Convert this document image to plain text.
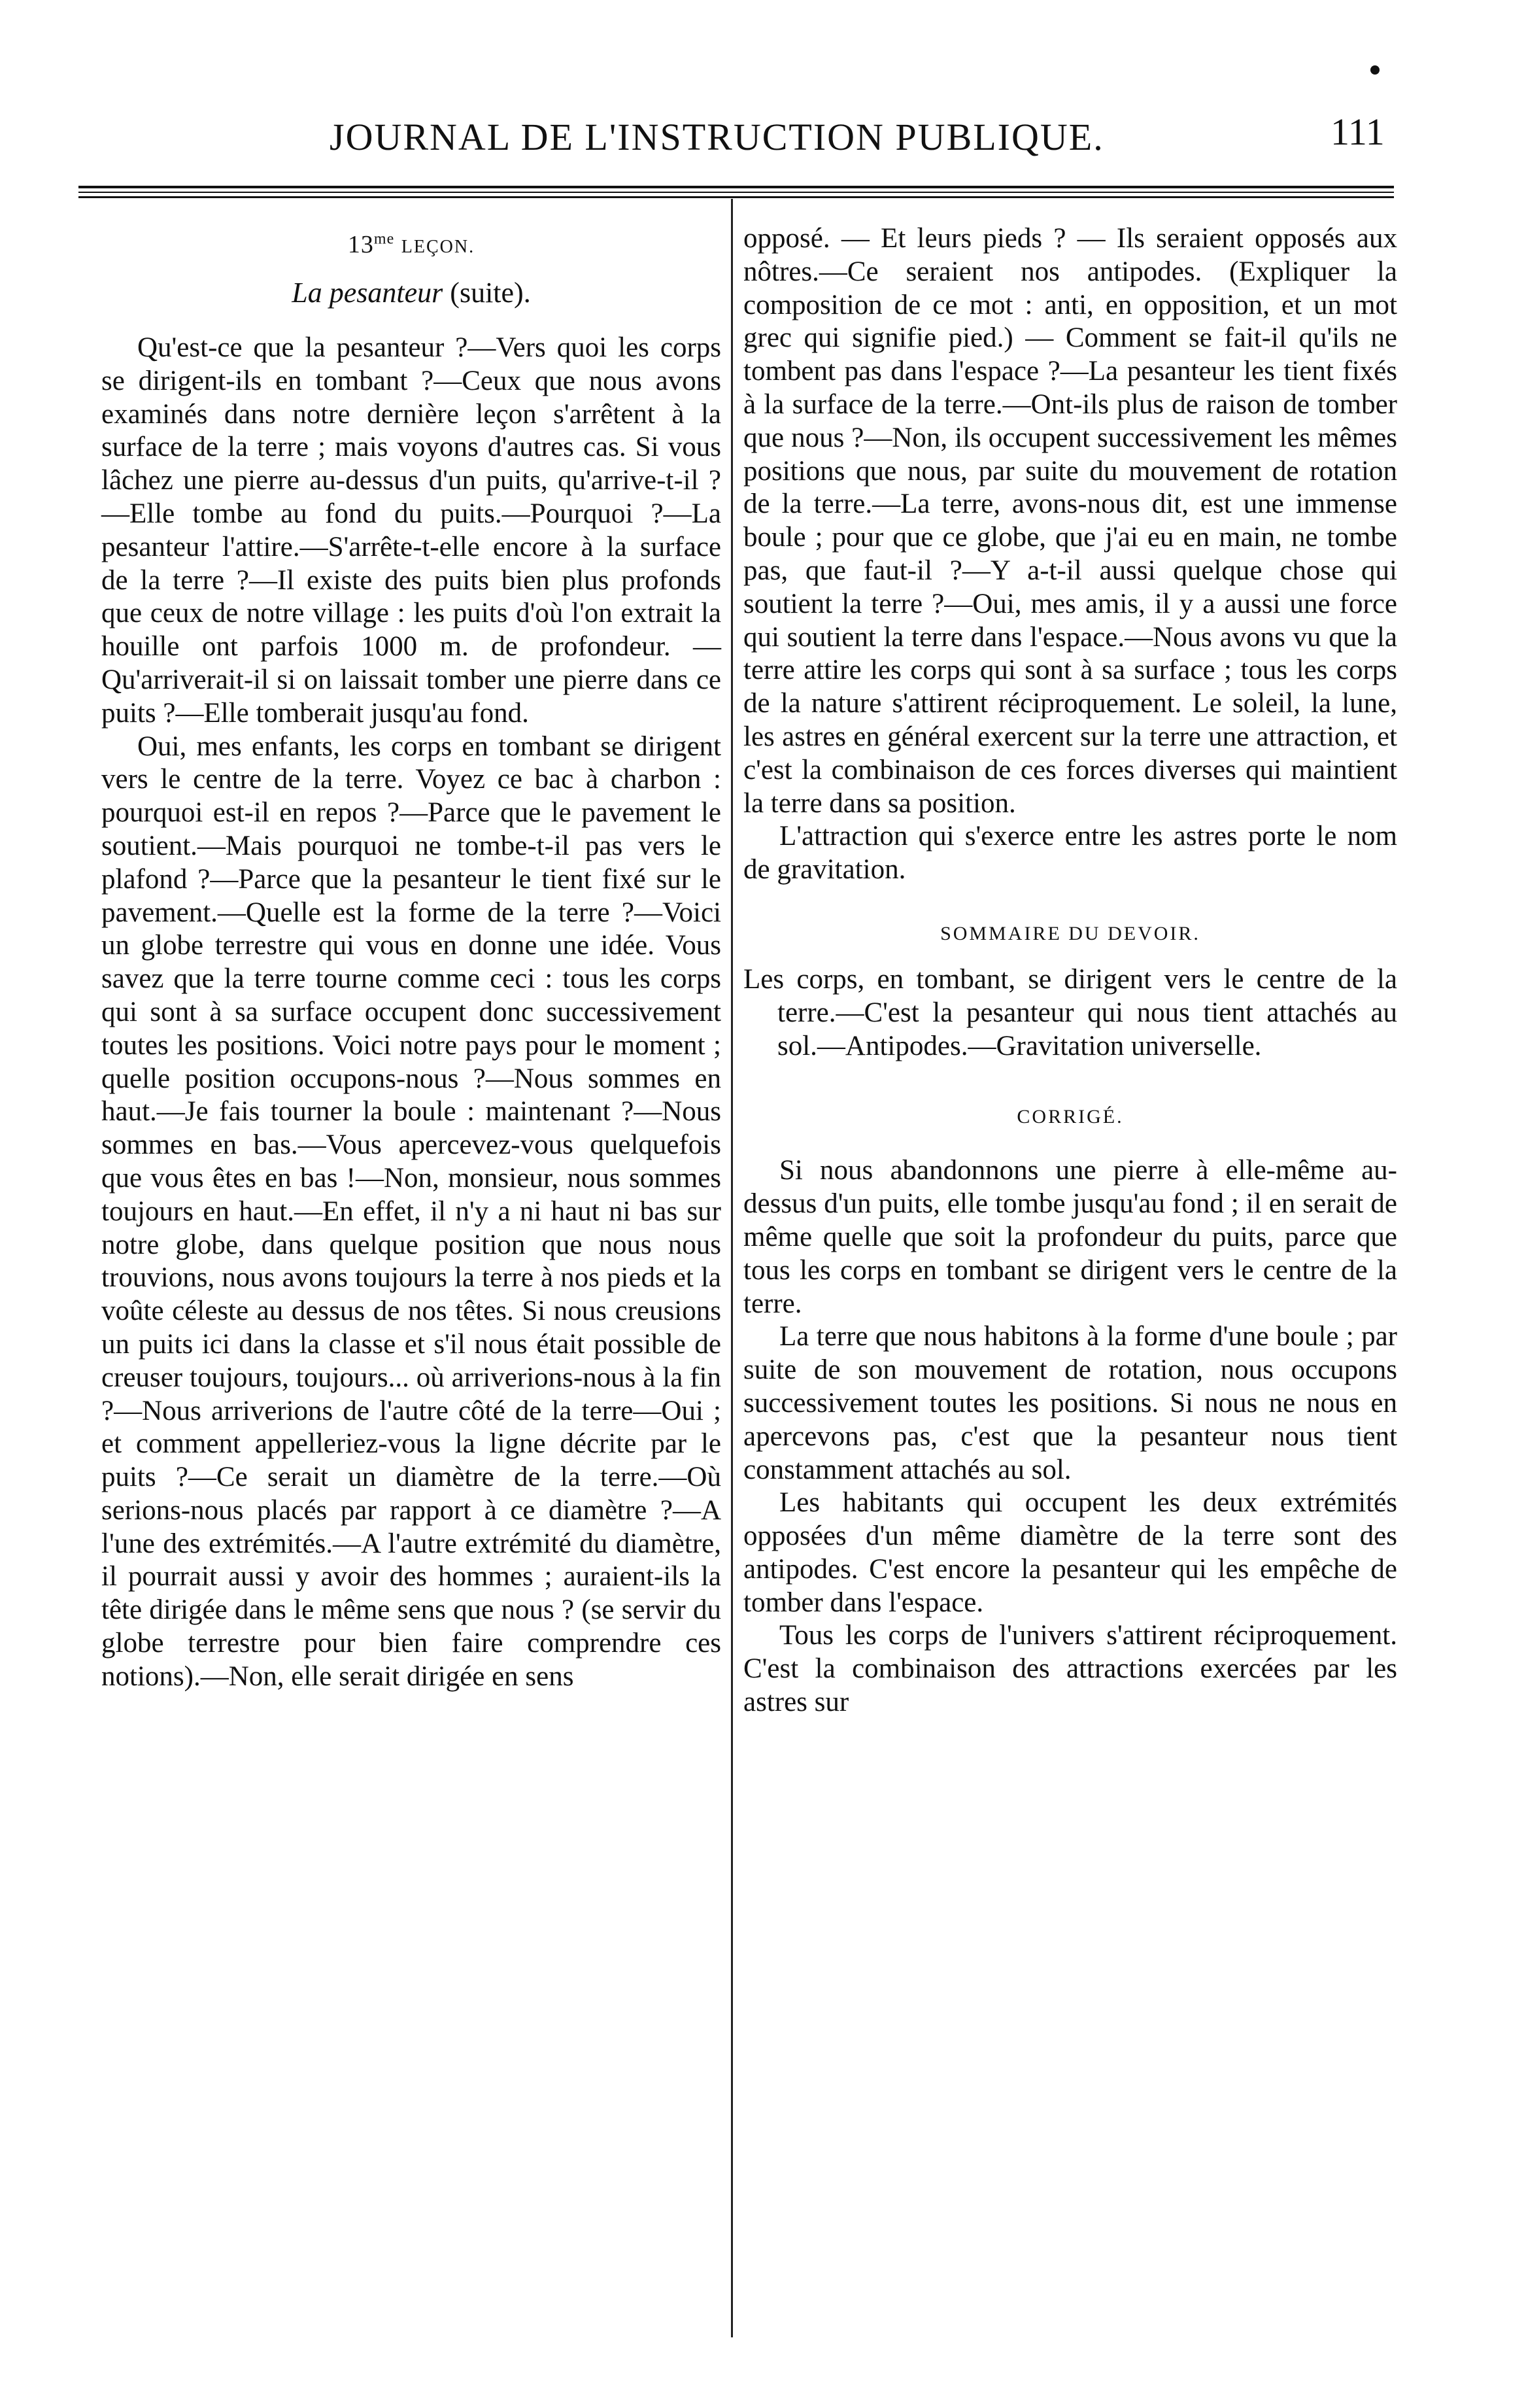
JOURNAL DE L'INSTRUCTION PUBLIQUE.	111
$13^{me}$ LEÇON.
La pesanteur (suite).

Qu'est-ce que la pesanteur ?—Vers quoi les corps se dirigent-ils en tombant ?—Ceux que nous avons examinés dans notre dernière leçon s'arrêtent à la surface de la terre ; mais voyons d'autres cas. Si vous lâchez une pierre au-dessus d'un puits, qu'arrive-t-il ?—Elle tombe au fond du puits.—Pourquoi ?—La pesanteur l'attire.—S'arrête-t-elle encore à la surface de la terre ?—Il existe des puits bien plus profonds que ceux de notre village : les puits d'où l'on extrait la houille ont parfois 1000 m. de profondeur. — Qu'arriverait-il si on laissait tomber une pierre dans ce puits ?—Elle tomberait jusqu'au fond.

Oui, mes enfants, les corps en tombant se dirigent vers le centre de la terre. Voyez ce bac à charbon : pourquoi est-il en repos ?—Parce que le pavement le soutient.—Mais pourquoi ne tombe-t-il pas vers le plafond ?—Parce que la pesanteur le tient fixé sur le pavement.—Quelle est la forme de la terre ?—Voici un globe terrestre qui vous en donne une idée. Vous savez que la terre tourne comme ceci : tous les corps qui sont à sa surface occupent donc successivement toutes les positions. Voici notre pays pour le moment ; quelle position occupons-nous ?—Nous sommes en haut.—Je fais tourner la boule : maintenant ?—Nous sommes en bas.—Vous apercevez-vous quelquefois que vous êtes en bas !—Non, monsieur, nous sommes toujours en haut.—En effet, il n'y a ni haut ni bas sur notre globe, dans quelque position que nous nous trouvions, nous avons toujours la terre à nos pieds et la voûte céleste au dessus de nos têtes. Si nous creusions un puits ici dans la classe et s'il nous était possible de creuser toujours, toujours... où arriverions-nous à la fin ?—Nous arriverions de l'autre côté de la terre—Oui ; et comment appelleriez-vous la ligne décrite par le puits ?—Ce serait un diamètre de la terre.—Où serions-nous placés par rapport à ce diamètre ?—A l'une des extrémités.—A l'autre extrémité du diamètre, il pourrait aussi y avoir des hommes ; auraient-ils la tête dirigée dans le même sens que nous ? (se servir du globe terrestre pour bien faire comprendre ces notions).—Non, elle serait dirigée en sens

opposé. — Et leurs pieds ? — Ils seraient opposés aux nôtres.—Ce seraient nos antipodes. (Expliquer la composition de ce mot : anti, en opposition, et un mot grec qui signifie pied.) — Comment se fait-il qu'ils ne tombent pas dans l'espace ?—La pesanteur les tient fixés à la surface de la terre.—Ont-ils plus de raison de tomber que nous ?—Non, ils occupent successivement les mêmes positions que nous, par suite du mouvement de rotation de la terre.—La terre, avons-nous dit, est une immense boule ; pour que ce globe, que j'ai eu en main, ne tombe pas, que faut-il ?—Y a-t-il aussi quelque chose qui soutient la terre ?—Oui, mes amis, il y a aussi une force qui soutient la terre dans l'espace.—Nous avons vu que la terre attire les corps qui sont à sa surface ; tous les corps de la nature s'attirent réciproquement. Le soleil, la lune, les astres en général exercent sur la terre une attraction, et c'est la combinaison de ces forces diverses qui maintient la terre dans sa position.

L'attraction qui s'exerce entre les astres porte le nom de gravitation.

SOMMAIRE DU DEVOIR.

Les corps, en tombant, se dirigent vers le centre de la terre.—C'est la pesanteur qui nous tient attachés au sol.—Antipodes.—Gravitation universelle.

CORRIGÉ.

Si nous abandonnons une pierre à elle-même au-dessus d'un puits, elle tombe jusqu'au fond ; il en serait de même quelle que soit la profondeur du puits, parce que tous les corps en tombant se dirigent vers le centre de la terre.

La terre que nous habitons à la forme d'une boule ; par suite de son mouvement de rotation, nous occupons successivement toutes les positions. Si nous ne nous en apercevons pas, c'est que la pesanteur nous tient constamment attachés au sol.

Les habitants qui occupent les deux extrémités opposées d'un même diamètre de la terre sont des antipodes. C'est encore la pesanteur qui les empêche de tomber dans l'espace.

Tous les corps de l'univers s'attirent réciproquement. C'est la combinaison des attractions exercées par les astres sur
